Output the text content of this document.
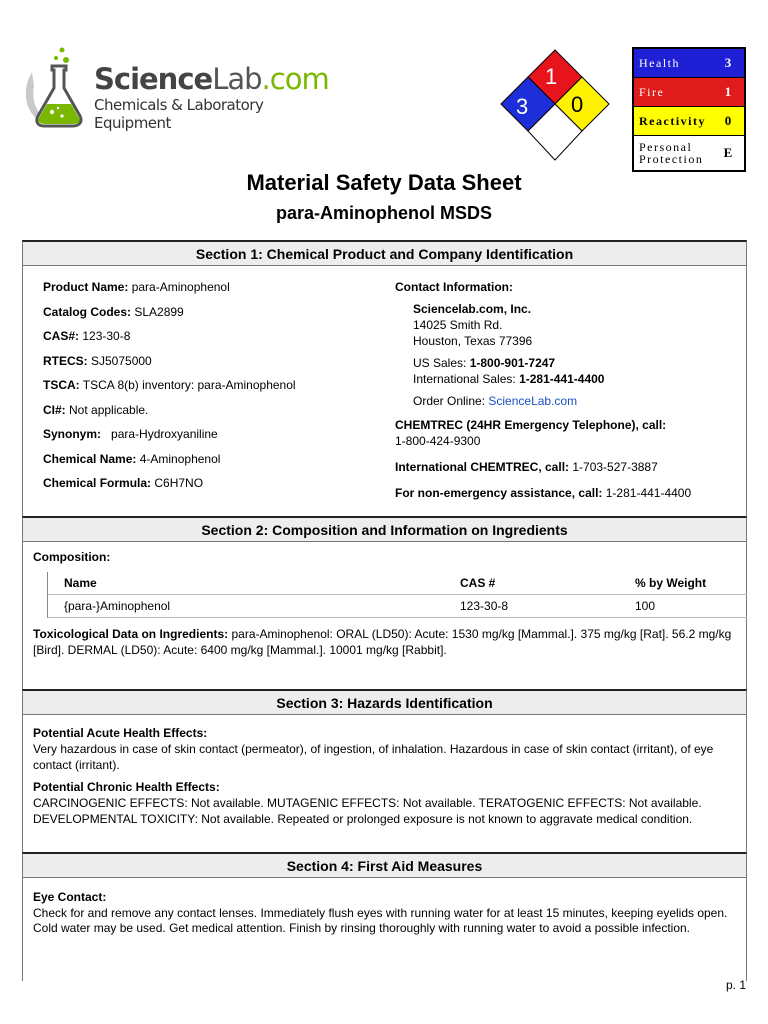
ScienceLab.com
Chemicals & Laboratory Equipment
1
3 0
Health	3
Fire	1
Reactivity	0
Personal
Protection	E
Material Safety Data Sheet
para-Aminophenol MSDS
Section 1: Chemical Product and Company Identification
Product Name: para-Aminophenol
Catalog Codes: SLA2899
CAS#: 123-30-8
RTECS: SJ5075000
TSCA: TSCA 8(b) inventory: para-Aminophenol
CI#: Not applicable.
Synonym:   para-Hydroxyaniline
Chemical Name: 4-Aminophenol
Chemical Formula: C6H7NO
Contact Information:
Sciencelab.com, Inc.
14025 Smith Rd.
Houston, Texas 77396
US Sales: 1-800-901-7247
International Sales: 1-281-441-4400
Order Online: ScienceLab.com
CHEMTREC (24HR Emergency Telephone), call:
1-800-424-9300
International CHEMTREC, call: 1-703-527-3887
For non-emergency assistance, call: 1-281-441-4400
Section 2: Composition and Information on Ingredients
Composition:
Name	CAS #	% by Weight
{para-}Aminophenol	123-30-8	100
Toxicological Data on Ingredients: para-Aminophenol: ORAL (LD50): Acute: 1530 mg/kg [Mammal.]. 375 mg/kg [Rat]. 56.2 mg/kg [Bird]. DERMAL (LD50): Acute: 6400 mg/kg [Mammal.]. 10001 mg/kg [Rabbit].
Section 3: Hazards Identification
Potential Acute Health Effects:
Very hazardous in case of skin contact (permeator), of ingestion, of inhalation. Hazardous in case of skin contact (irritant), of eye contact (irritant).
Potential Chronic Health Effects:
CARCINOGENIC EFFECTS: Not available. MUTAGENIC EFFECTS: Not available. TERATOGENIC EFFECTS: Not available. DEVELOPMENTAL TOXICITY: Not available. Repeated or prolonged exposure is not known to aggravate medical condition.
Section 4: First Aid Measures
Eye Contact:
Check for and remove any contact lenses. Immediately flush eyes with running water for at least 15 minutes, keeping eyelids open. Cold water may be used. Get medical attention. Finish by rinsing thoroughly with running water to avoid a possible infection.
p. 1
